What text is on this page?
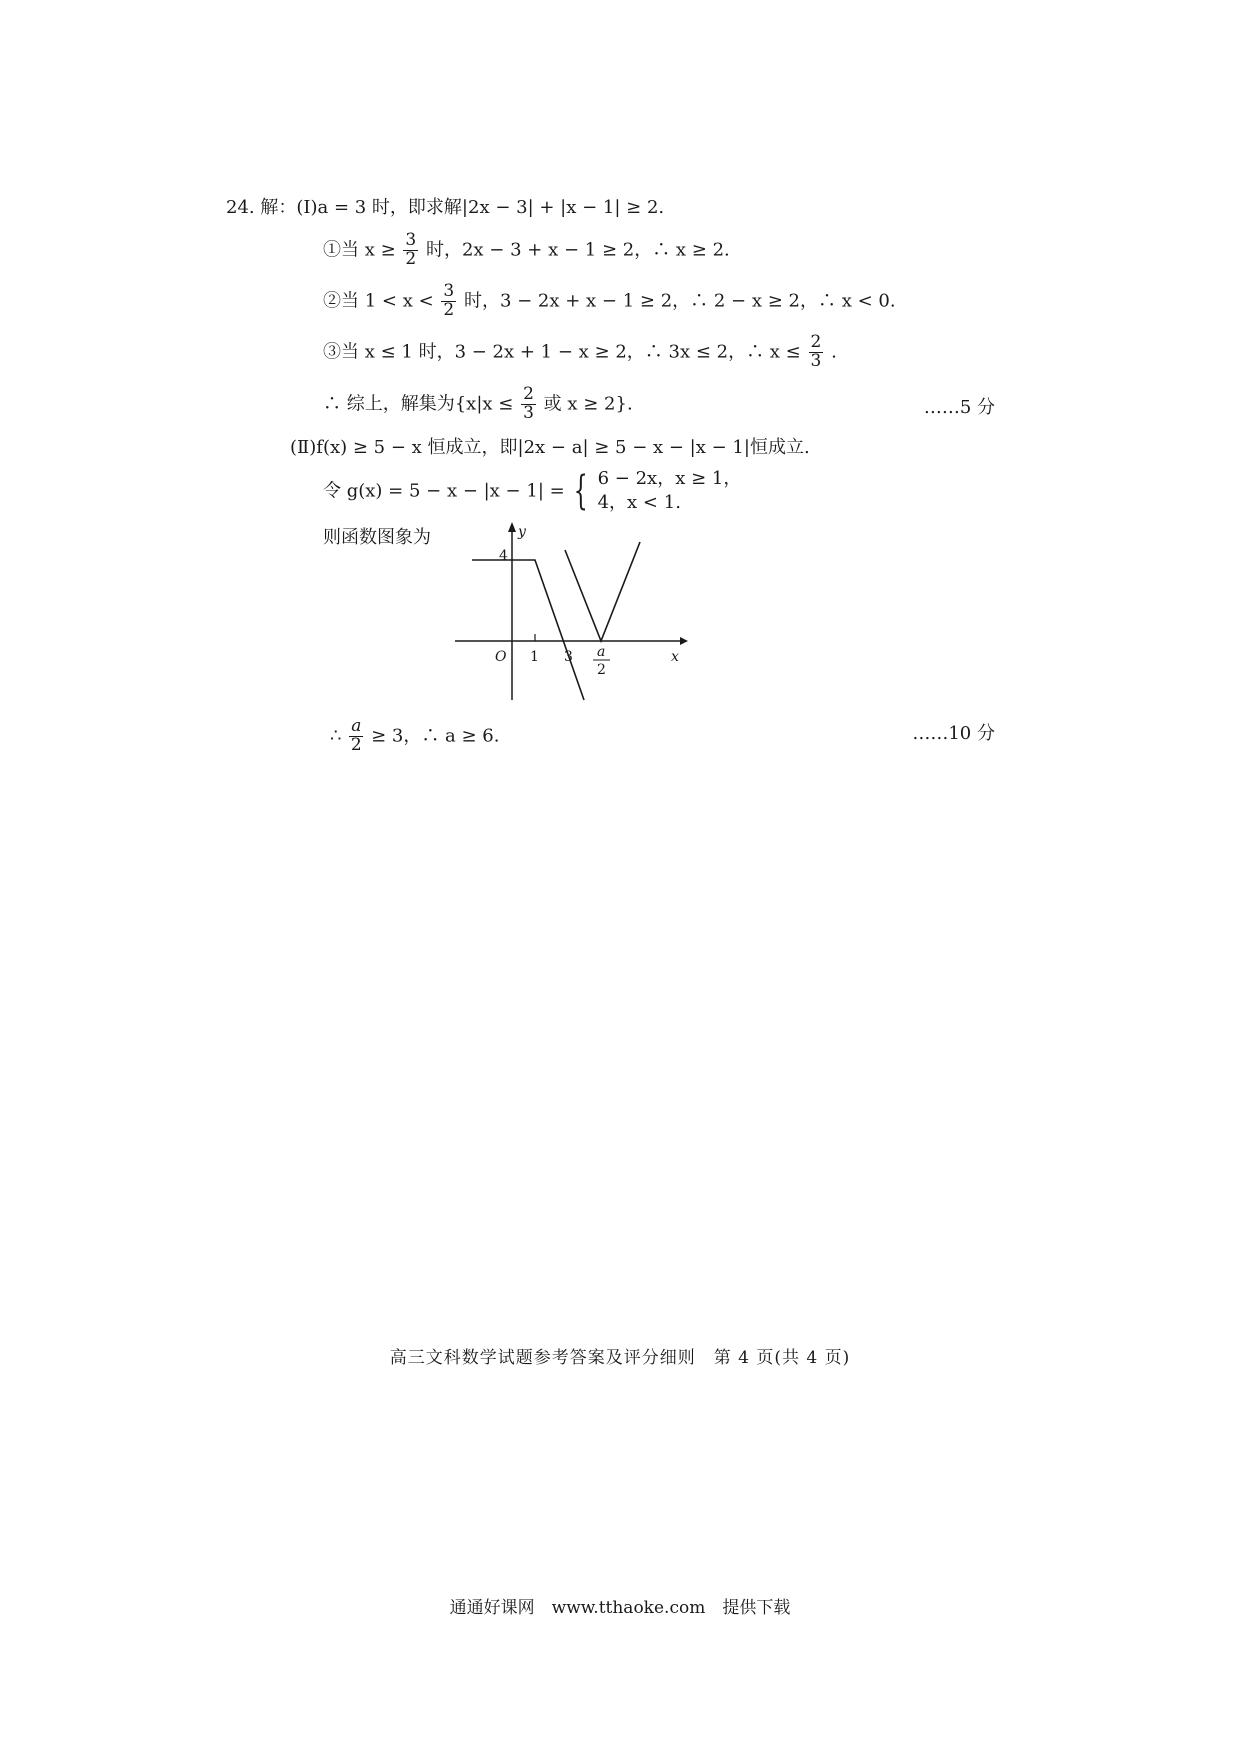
24. 解：(Ⅰ)a = 3 时，即求解|2x − 3| + |x − 1| ≥ 2.
①当 $x \ge \frac{3}{2}$ 时，2x − 3 + x − 1 ≥ 2，∴ x ≥ 2.
②当 $1 < x < \frac{3}{2}$ 时，3 − 2x + x − 1 ≥ 2，∴ 2 − x ≥ 2，∴ x < 0.
③当 x ≤ 1 时，3 − 2x + 1 − x ≥ 2，∴ 3x ≤ 2，∴ $x \le \frac{2}{3}$ .
∴ 综上，解集为{$x|x \le \frac{2}{3}$ 或 x ≥ 2}.	……5 分
(Ⅱ)f(x) ≥ 5 − x 恒成立，即|2x − a| ≥ 5 − x − |x − 1|恒成立.
令 g(x) = 5 − x − |x − 1| = { 6 − 2x，x ≥ 1，
4，x < 1.
则函数图象为	y
4
O 1 3 a
2
x
∴ $\frac{a}{2} \ge 3$，∴ a ≥ 6.	……10 分
高三文科数学试题参考答案及评分细则　第 4 页(共 4 页)
通通好课网　www.tthaoke.com　提供下载
